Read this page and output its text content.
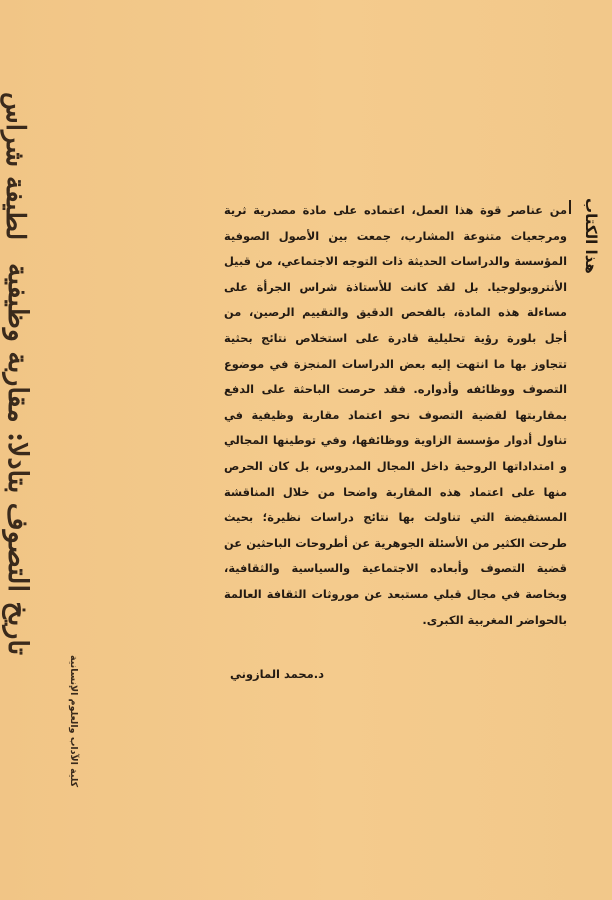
لطيفة شراس
تاريخ التصوف بتادلا: مقاربة وظيفية
كلية الآداب والعلوم الإنسانية
هذا الكتاب

من عناصر قوة هذا العمل، اعتماده على مادة مصدرية ثرية ومرجعيات متنوعة المشارب، جمعت بين الأصول الصوفية المؤسسة والدراسات الحديثة ذات التوجه الاجتماعي، من قبيل الأنتروبولوجيا. بل لقد كانت للأستاذة شراس الجرأة على مساءلة هذه المادة، بالفحص الدقيق والتقييم الرصين، من أجل بلورة رؤية تحليلية قادرة على استخلاص نتائج بحثية تتجاوز بها ما انتهت إليه بعض الدراسات المنجزة في موضوع التصوف ووظائفه وأدواره. فقد حرصت الباحثة على الدفع بمقاربتها لقضية التصوف نحو اعتماد مقاربة وظيفية في تناول أدوار مؤسسة الزاوية ووظائفها، وفي توطينها المجالي و امتداداتها الروحية داخل المجال المدروس، بل كان الحرص منها على اعتماد هذه المقاربة واضحا من خلال المناقشة المستفيضة التي تناولت بها نتائج دراسات نظيرة؛ بحيث طرحت الكثير من الأسئلة الجوهرية عن أطروحات الباحثين عن قضية التصوف وأبعاده الاجتماعية والسياسية والثقافية، وبخاصة في مجال قبلي مستبعد عن موروثات الثقافة العالمة بالحواضر المغربية الكبرى.

د.محمد المازوني
